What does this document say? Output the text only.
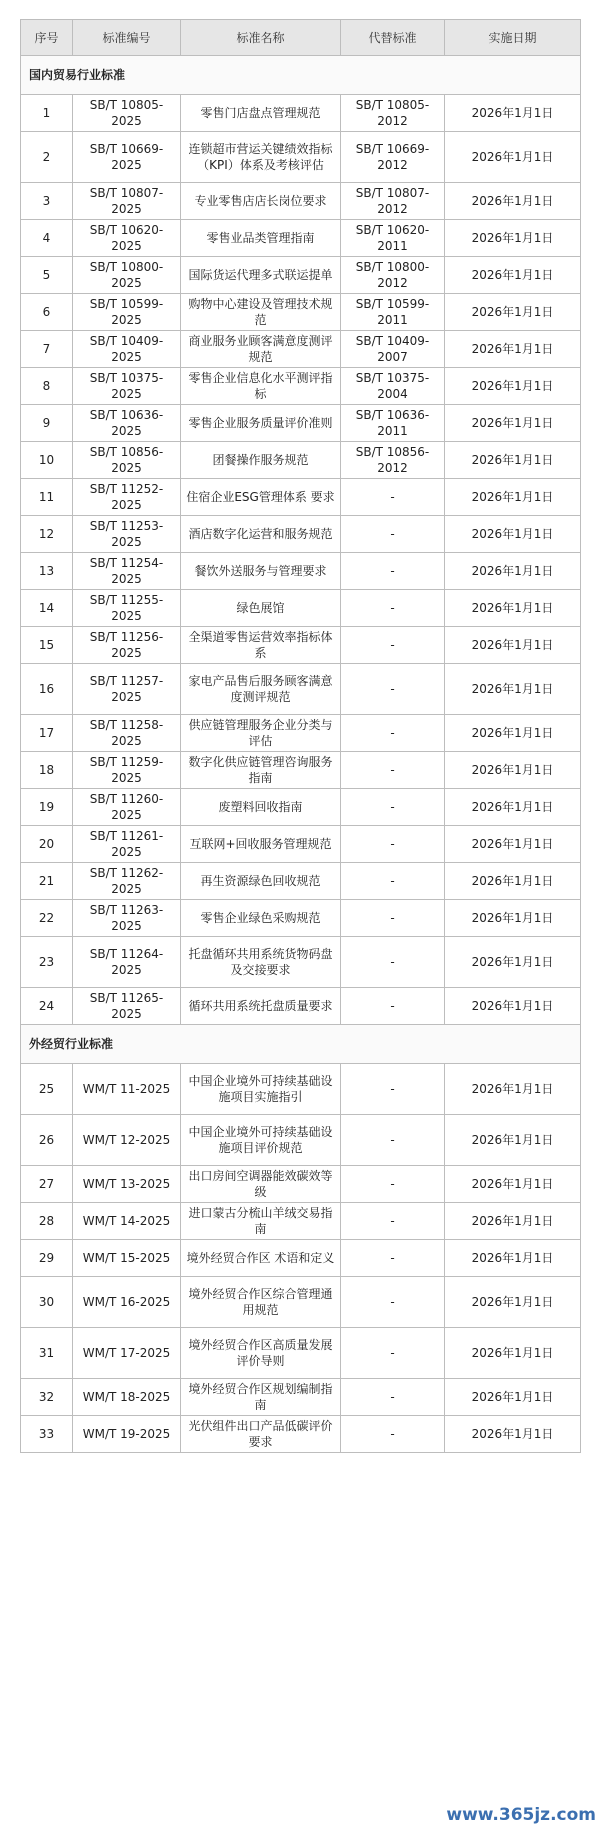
序号	标准编号	标准名称	代替标准	实施日期
国内贸易行业标准				
1	SB/T 10805-2025	零售门店盘点管理规范	SB/T 10805-2012	2026年1月1日
2	SB/T 10669-2025	连锁超市营运关键绩效指标（KPI）体系及考核评估	SB/T 10669-2012	2026年1月1日
3	SB/T 10807-2025	专业零售店店长岗位要求	SB/T 10807-2012	2026年1月1日
4	SB/T 10620-2025	零售业品类管理指南	SB/T 10620-2011	2026年1月1日
5	SB/T 10800-2025	国际货运代理多式联运提单	SB/T 10800-2012	2026年1月1日
6	SB/T 10599-2025	购物中心建设及管理技术规范	SB/T 10599-2011	2026年1月1日
7	SB/T 10409-2025	商业服务业顾客满意度测评规范	SB/T 10409-2007	2026年1月1日
8	SB/T 10375-2025	零售企业信息化水平测评指标	SB/T 10375-2004	2026年1月1日
9	SB/T 10636-2025	零售企业服务质量评价准则	SB/T 10636-2011	2026年1月1日
10	SB/T 10856-2025	团餐操作服务规范	SB/T 10856-2012	2026年1月1日
11	SB/T 11252-2025	住宿企业ESG管理体系 要求	-	2026年1月1日
12	SB/T 11253-2025	酒店数字化运营和服务规范	-	2026年1月1日
13	SB/T 11254-2025	餐饮外送服务与管理要求	-	2026年1月1日
14	SB/T 11255-2025	绿色展馆	-	2026年1月1日
15	SB/T 11256-2025	全渠道零售运营效率指标体系	-	2026年1月1日
16	SB/T 11257-2025	家电产品售后服务顾客满意度测评规范	-	2026年1月1日
17	SB/T 11258-2025	供应链管理服务企业分类与评估	-	2026年1月1日
18	SB/T 11259-2025	数字化供应链管理咨询服务指南	-	2026年1月1日
19	SB/T 11260-2025	废塑料回收指南	-	2026年1月1日
20	SB/T 11261-2025	互联网+回收服务管理规范	-	2026年1月1日
21	SB/T 11262-2025	再生资源绿色回收规范	-	2026年1月1日
22	SB/T 11263-2025	零售企业绿色采购规范	-	2026年1月1日
23	SB/T 11264-2025	托盘循环共用系统货物码盘及交接要求	-	2026年1月1日
24	SB/T 11265-2025	循环共用系统托盘质量要求	-	2026年1月1日
外经贸行业标准				
25	WM/T 11-2025	中国企业境外可持续基础设施项目实施指引	-	2026年1月1日
26	WM/T 12-2025	中国企业境外可持续基础设施项目评价规范	-	2026年1月1日
27	WM/T 13-2025	出口房间空调器能效碳效等级	-	2026年1月1日
28	WM/T 14-2025	进口蒙古分梳山羊绒交易指南	-	2026年1月1日
29	WM/T 15-2025	境外经贸合作区 术语和定义	-	2026年1月1日
30	WM/T 16-2025	境外经贸合作区综合管理通用规范	-	2026年1月1日
31	WM/T 17-2025	境外经贸合作区高质量发展评价导则	-	2026年1月1日
32	WM/T 18-2025	境外经贸合作区规划编制指南	-	2026年1月1日
33	WM/T 19-2025	光伏组件出口产品低碳评价要求	-	2026年1月1日
www.365jz.com
